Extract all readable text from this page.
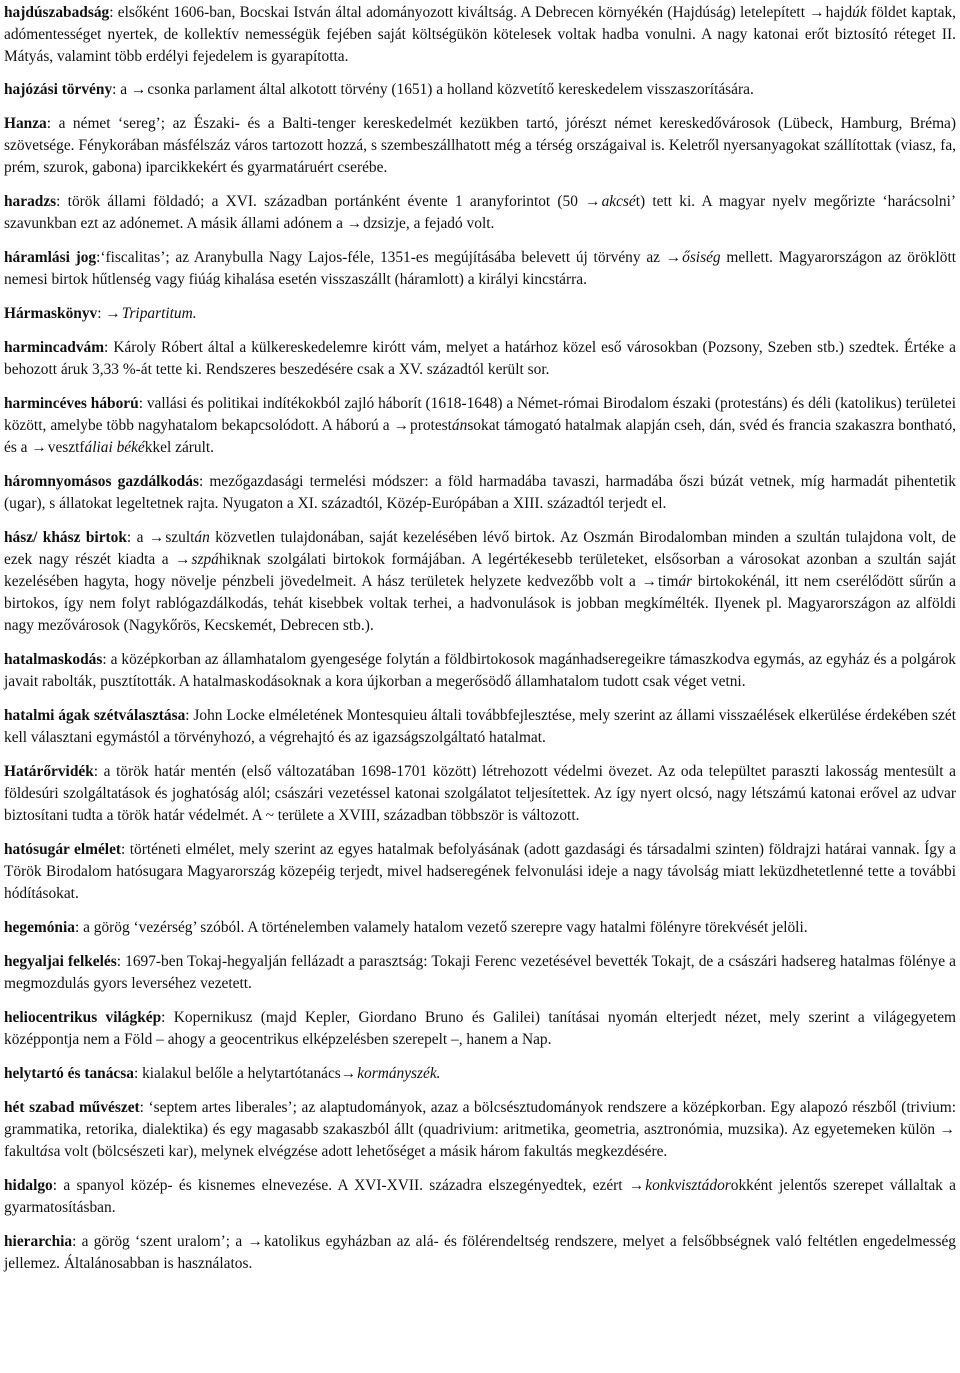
hajdúszabadság: elsőként 1606-ban, Bocskai István által adományozott kiváltság. A Debrecen környékén (Hajdúság) letelepített →hajdúk földet kaptak, adómentességet nyertek, de kollektív nemességük fejében saját költségükön kötelesek voltak hadba vonulni. A nagy katonai erőt biztosító réteget II. Mátyás, valamint több erdélyi fejedelem is gyarapította.

hajózási törvény: a →csonka parlament által alkotott törvény (1651) a holland közvetítő kereskedelem visszaszorítására.

Hanza: a német ‘sereg’; az Északi- és a Balti-tenger kereskedelmét kezükben tartó, jórészt német kereskedővárosok (Lübeck, Hamburg, Bréma) szövetsége. Fénykorában másfélszáz város tartozott hozzá, s szembeszállhatott még a térség országaival is. Keletről nyersanyagokat szállítottak (viasz, fa, prém, szurok, gabona) iparcikkekért és gyarmatáruért cserébe.

haradzs: török állami földadó; a XVI. században portánként évente 1 aranyforintot (50 →akcsét) tett ki. A magyar nyelv megőrizte ‘harácsolni’ szavunkban ezt az adónemet. A másik állami adónem a →dzsizje, a fejadó volt.

háramlási jog:‘fiscalitas’; az Aranybulla Nagy Lajos-féle, 1351-es megújításába belevett új törvény az →ősiség mellett. Magyarországon az öröklött nemesi birtok hűtlenség vagy fiúág kihalása esetén visszaszállt (háramlott) a királyi kincstárra.

Hármaskönyv: →Tripartitum.

harmincadvám: Károly Róbert által a külkereskedelemre kirótt vám, melyet a határhoz közel eső városokban (Pozsony, Szeben stb.) szedtek. Értéke a behozott áruk 3,33 %-át tette ki. Rendszeres beszedésére csak a XV. századtól került sor.

harmincéves háború: vallási és politikai indítékokból zajló háborít (1618-1648) a Német-római Birodalom északi (protestáns) és déli (katolikus) területei között, amelybe több nagyhatalom bekapcsolódott. A háború a →protestánsokat támogató hatalmak alapján cseh, dán, svéd és francia szakaszra bontható, és a →vesztfáliai békékkel zárult.

háromnyomásos gazdálkodás: mezőgazdasági termelési módszer: a föld harmadába tavaszi, harmadába őszi búzát vetnek, míg harmadát pihentetik (ugar), s állatokat legeltetnek rajta. Nyugaton a XI. századtól, Közép-Európában a XIII. századtól terjedt el.

hász/ khász birtok: a →szultán közvetlen tulajdonában, saját kezelésében lévő birtok. Az Oszmán Birodalomban minden a szultán tulajdona volt, de ezek nagy részét kiadta a →szpáhiknak szolgálati birtokok formájában. A legértékesebb területeket, elsősorban a városokat azonban a szultán saját kezelésében hagyta, hogy növelje pénzbeli jövedelmeit. A hász területek helyzete kedvezőbb volt a →timár birtokokénál, itt nem cserélődött sűrűn a birtokos, így nem folyt rablógazdálkodás, tehát kisebbek voltak terhei, a hadvonulások is jobban megkímélték. Ilyenek pl. Magyarországon az alföldi nagy mezővárosok (Nagykőrös, Kecskemét, Debrecen stb.).

hatalmaskodás: a középkorban az államhatalom gyengesége folytán a földbirtokosok magánhadseregeikre támaszkodva egymás, az egyház és a polgárok javait rabolták, pusztították. A hatalmaskodásoknak a kora újkorban a megerősödő államhatalom tudott csak véget vetni.

hatalmi ágak szétválasztása: John Locke elméletének Montesquieu általi továbbfejlesztése, mely szerint az állami visszaélések elkerülése érdekében szét kell választani egymástól a törvényhozó, a végrehajtó és az igazságszolgáltató hatalmat.

Határőrvidék: a török határ mentén (első változatában 1698-1701 között) létrehozott védelmi övezet. Az oda települtet paraszti lakosság mentesült a földesúri szolgáltatások és joghatóság alól; császári vezetéssel katonai szolgálatot teljesítettek. Az így nyert olcsó, nagy létszámú katonai erővel az udvar biztosítani tudta a török határ védelmét. A ~ területe a XVIII, században többször is változott.

hatósugár elmélet: történeti elmélet, mely szerint az egyes hatalmak befolyásának (adott gazdasági és társadalmi szinten) földrajzi határai vannak. Így a Török Birodalom hatósugara Magyarország közepéig terjedt, mivel hadseregének felvonulási ideje a nagy távolság miatt leküzdhetetlenné tette a további hódításokat.

hegemónia: a görög ‘vezérség’ szóból. A történelemben valamely hatalom vezető szerepre vagy hatalmi fölényre törekvését jelöli.

hegyaljai felkelés: 1697-ben Tokaj-hegyalján fellázadt a parasztság: Tokaji Ferenc vezetésével bevették Tokajt, de a császári hadsereg hatalmas fölénye a megmozdulás gyors leverséhez vezetett.

heliocentrikus világkép: Kopernikusz (majd Kepler, Giordano Bruno és Galilei) tanításai nyomán elterjedt nézet, mely szerint a világegyetem középpontja nem a Föld – ahogy a geocentrikus elképzelésben szerepelt –, hanem a Nap.

helytartó és tanácsa: kialakul belőle a helytartótanács→kormányszék.

hét szabad művészet: ‘septem artes liberales’; az alaptudományok, azaz a bölcsésztudományok rendszere a középkorban. Egy alapozó részből (trivium: grammatika, retorika, dialektika) és egy magasabb szakaszból állt (quadrivium: aritmetika, geometria, asztronómia, muzsika). Az egyetemeken külön →fakultása volt (bölcsészeti kar), melynek elvégzése adott lehetőséget a másik három fakultás megkezdésére.

hidalgo: a spanyol közép- és kisnemes elnevezése. A XVI-XVII. századra elszegényedtek, ezért →konkvisztádorokként jelentős szerepet vállaltak a gyarmatosításban.

hierarchia: a görög ‘szent uralom’; a →katolikus egyházban az alá- és fölérendeltség rendszere, melyet a felsőbbségnek való feltétlen engedelmesség jellemez. Általánosabban is használatos.
